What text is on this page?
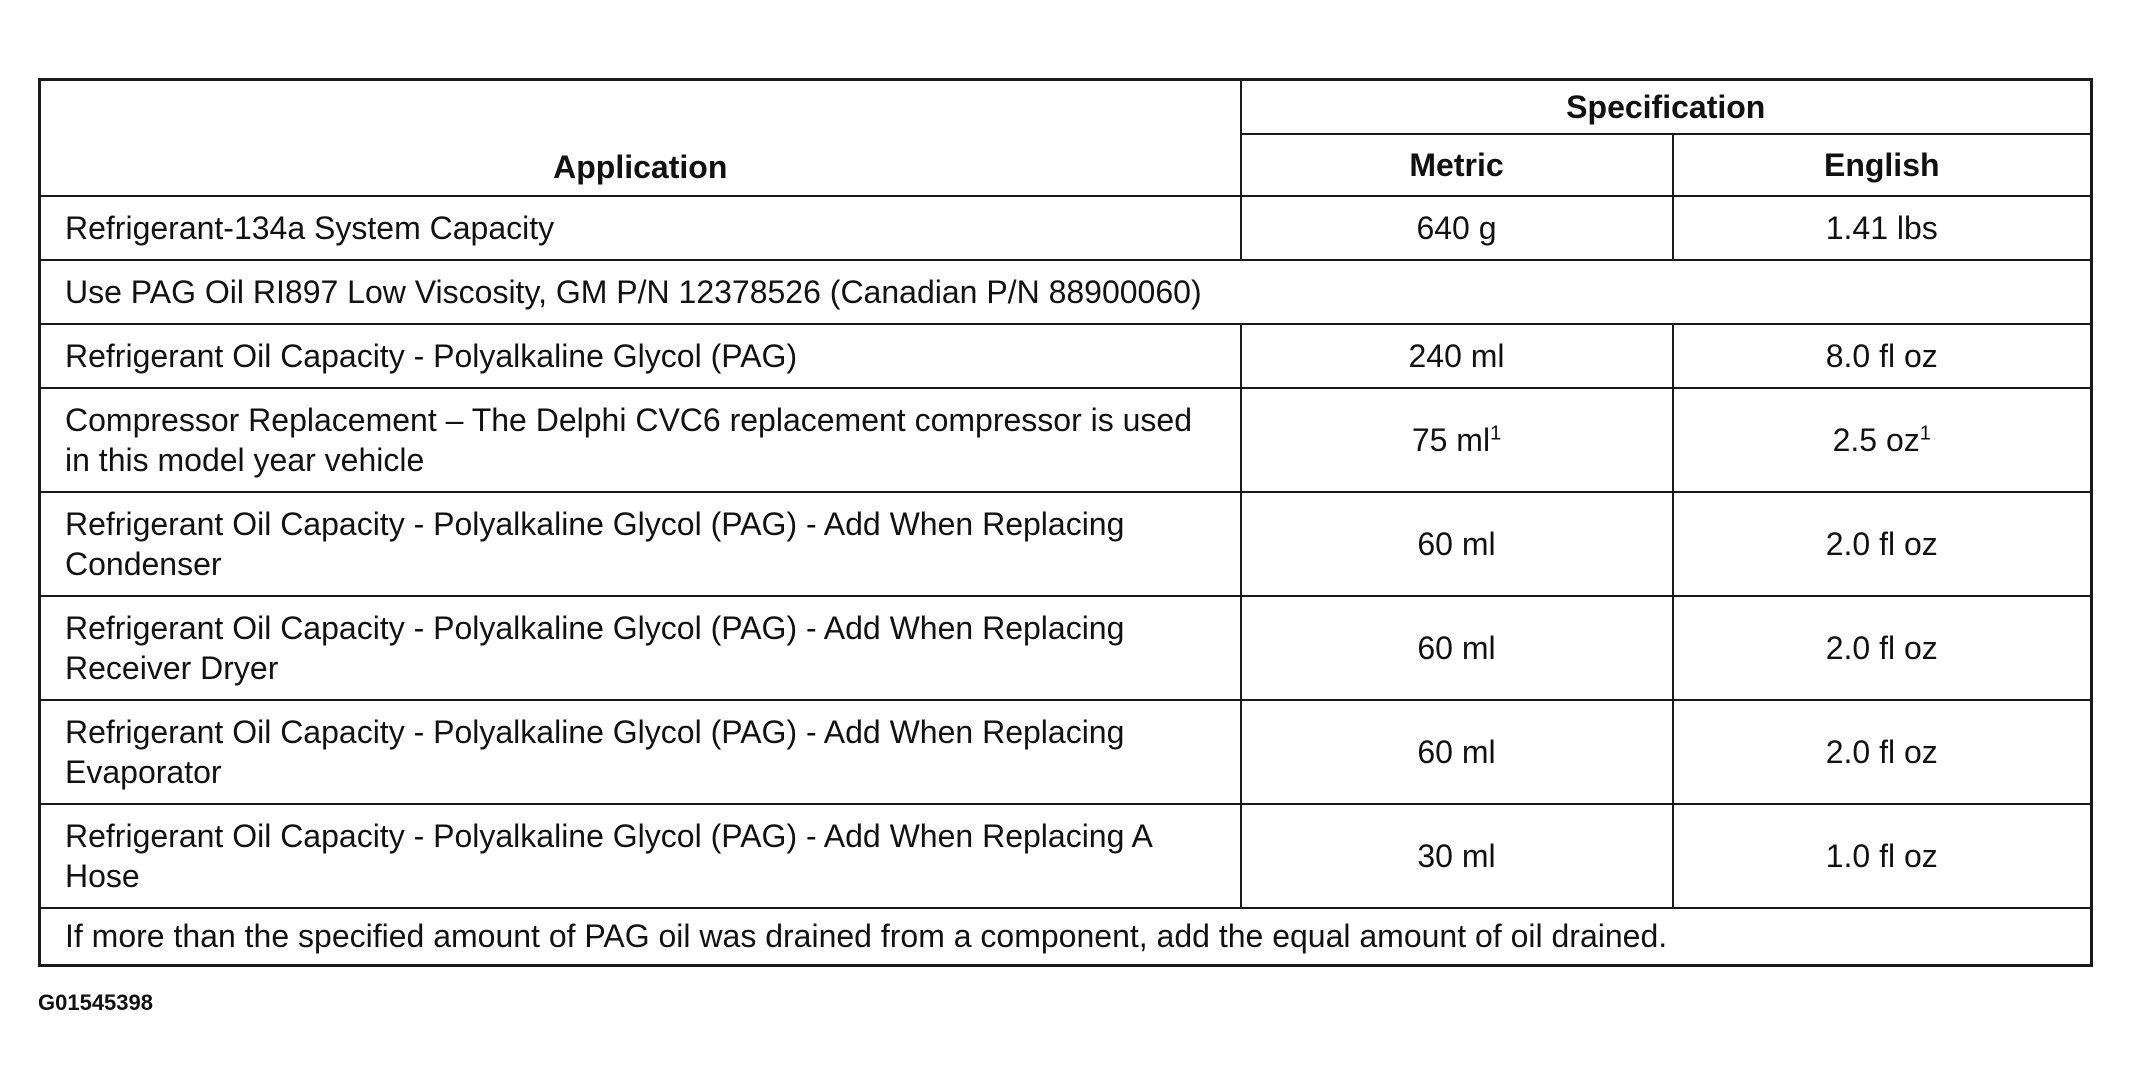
Application	Specification	
	Metric	English
Refrigerant-134a System Capacity	640 g	1.41 lbs
Use PAG Oil RI897 Low Viscosity, GM P/N 12378526 (Canadian P/N 88900060)		
Refrigerant Oil Capacity - Polyalkaline Glycol (PAG)	240 ml	8.0 fl oz
Compressor Replacement – The Delphi CVC6 replacement compressor is used in this model year vehicle	75 $ml^1$	2.5 $oz^1$
Refrigerant Oil Capacity - Polyalkaline Glycol (PAG) - Add When Replacing Condenser	60 ml	2.0 fl oz
Refrigerant Oil Capacity - Polyalkaline Glycol (PAG) - Add When Replacing Receiver Dryer	60 ml	2.0 fl oz
Refrigerant Oil Capacity - Polyalkaline Glycol (PAG) - Add When Replacing Evaporator	60 ml	2.0 fl oz
Refrigerant Oil Capacity - Polyalkaline Glycol (PAG) - Add When Replacing A Hose	30 ml	1.0 fl oz
If more than the specified amount of PAG oil was drained from a component, add the equal amount of oil drained.		
G01545398
